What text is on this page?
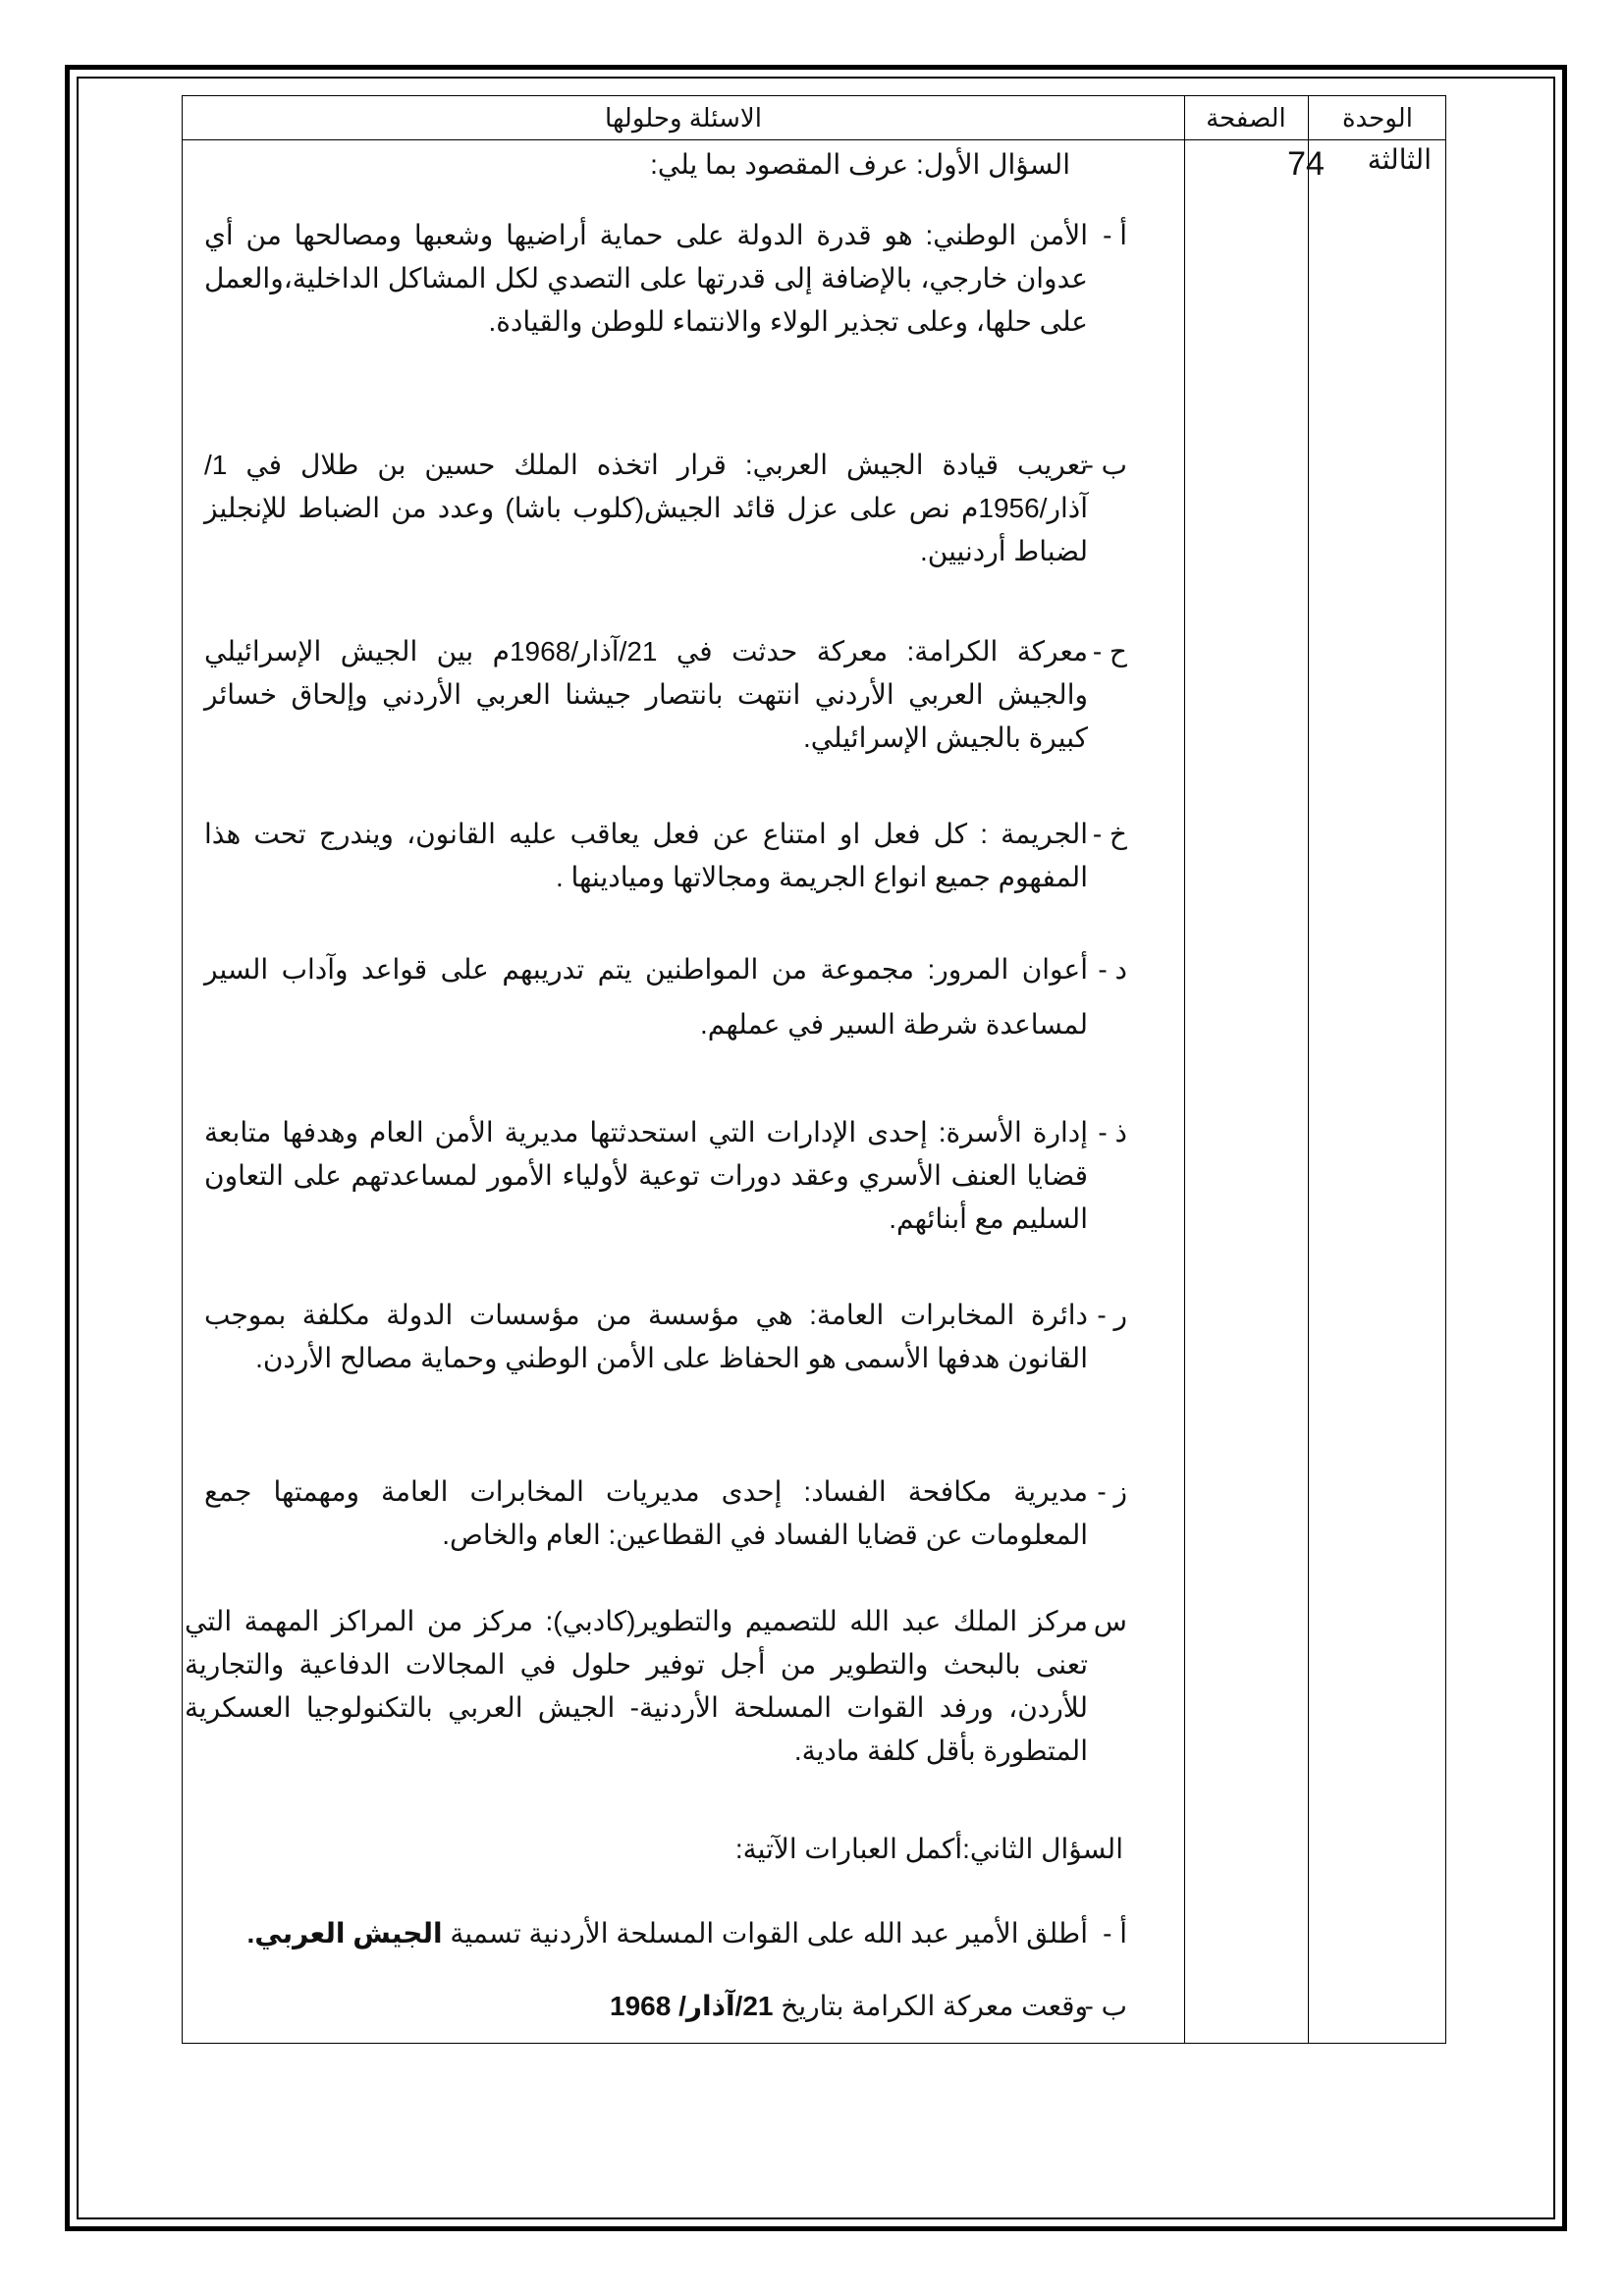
الوحدة
الصفحة
الاسئلة وحلولها
الثالثة
74
السؤال الأول: عرف المقصود بما يلي:
أ -
الأمن الوطني: هو قدرة الدولة على حماية أراضيها وشعبها ومصالحها من أي عدوان خارجي، بالإضافة إلى قدرتها على التصدي لكل المشاكل الداخلية،والعمل على حلها، وعلى تجذير الولاء والانتماء للوطن والقيادة.
ب -
تعريب قيادة الجيش العربي: قرار اتخذه الملك حسين بن طلال في 1/آذار/1956م نص على عزل قائد الجيش(كلوب باشا) وعدد من الضباط للإنجليز لضباط أردنيين.
ح -
معركة الكرامة: معركة حدثت في 21/آذار/1968م بين الجيش الإسرائيلي والجيش العربي الأردني انتهت بانتصار جيشنا العربي الأردني وإلحاق خسائر كبيرة بالجيش الإسرائيلي.
خ -
الجريمة : كل فعل او امتناع عن فعل يعاقب عليه القانون، ويندرج تحت هذا المفهوم جميع انواع الجريمة ومجالاتها وميادينها .
د -
أعوان المرور: مجموعة من المواطنين يتم تدريبهم على قواعد وآداب السير لمساعدة شرطة السير في عملهم.
ذ -
إدارة الأسرة: إحدى الإدارات التي استحدثتها مديرية الأمن العام وهدفها متابعة قضايا العنف الأسري وعقد دورات توعية لأولياء الأمور لمساعدتهم على التعاون السليم مع أبنائهم.
ر -
دائرة المخابرات العامة: هي مؤسسة من مؤسسات الدولة مكلفة بموجب القانون هدفها الأسمى هو الحفاظ على الأمن الوطني وحماية مصالح الأردن.
ز -
مديرية مكافحة الفساد: إحدى مديريات المخابرات العامة ومهمتها جمع المعلومات عن قضايا الفساد في القطاعين: العام والخاص.
س -
مركز الملك عبد الله للتصميم والتطوير(كادبي): مركز من المراكز المهمة التي تعنى بالبحث والتطوير من أجل توفير حلول في المجالات الدفاعية والتجارية للأردن، ورفد القوات المسلحة الأردنية- الجيش العربي بالتكنولوجيا العسكرية المتطورة بأقل كلفة مادية.
السؤال الثاني:أكمل العبارات الآتية:
أ -
أطلق الأمير عبد الله على القوات المسلحة الأردنية تسمية الجيش العربي.
ب -
وقعت معركة الكرامة بتاريخ 21/آذار/ 1968
